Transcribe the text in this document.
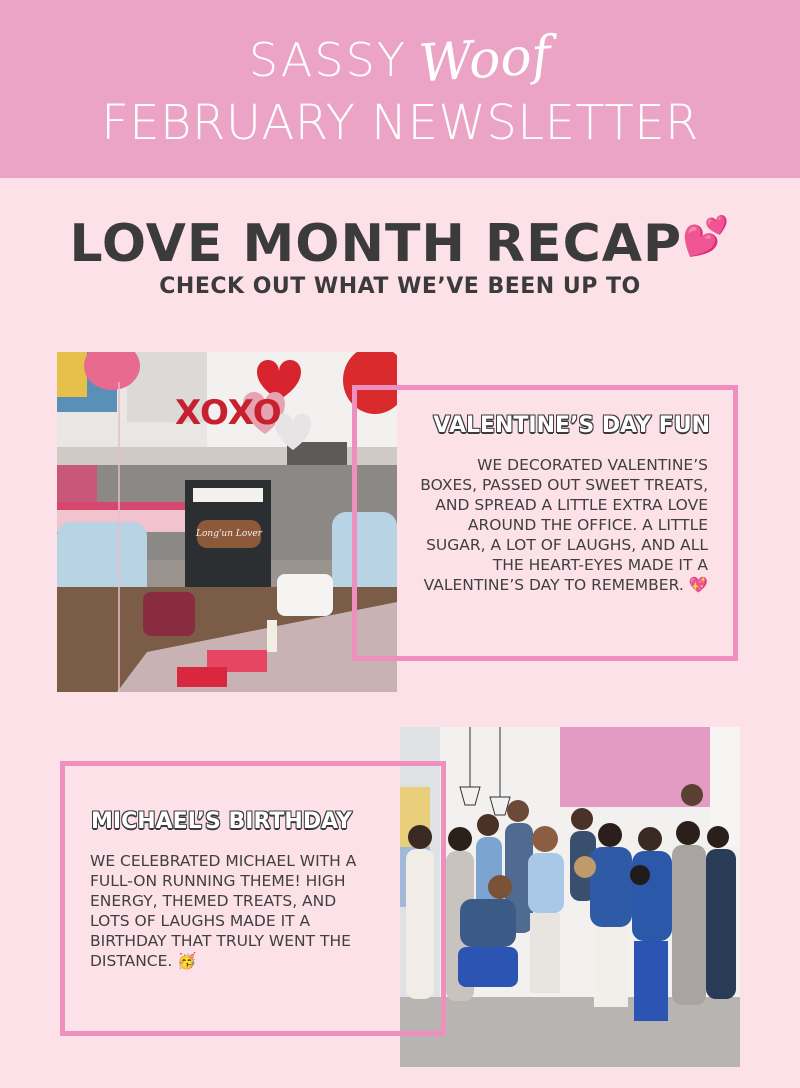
SASSY Woof
FEBRUARY NEWSLETTER
LOVE MONTH RECAP💕
CHECK OUT WHAT WE’VE BEEN UP TO
Long'un Lover
XOXO	VALENTINE’S DAY FUN
WE DECORATED VALENTINE’S BOXES, PASSED OUT SWEET TREATS, AND SPREAD A LITTLE EXTRA LOVE AROUND THE OFFICE. A LITTLE SUGAR, A LOT OF LAUGHS, AND ALL THE HEART-EYES MADE IT A VALENTINE’S DAY TO REMEMBER. 💖
MICHAEL’S BIRTHDAY
WE CELEBRATED MICHAEL WITH A FULL-ON RUNNING THEME! HIGH ENERGY, THEMED TREATS, AND LOTS OF LAUGHS MADE IT A BIRTHDAY THAT TRULY WENT THE DISTANCE. 🥳
